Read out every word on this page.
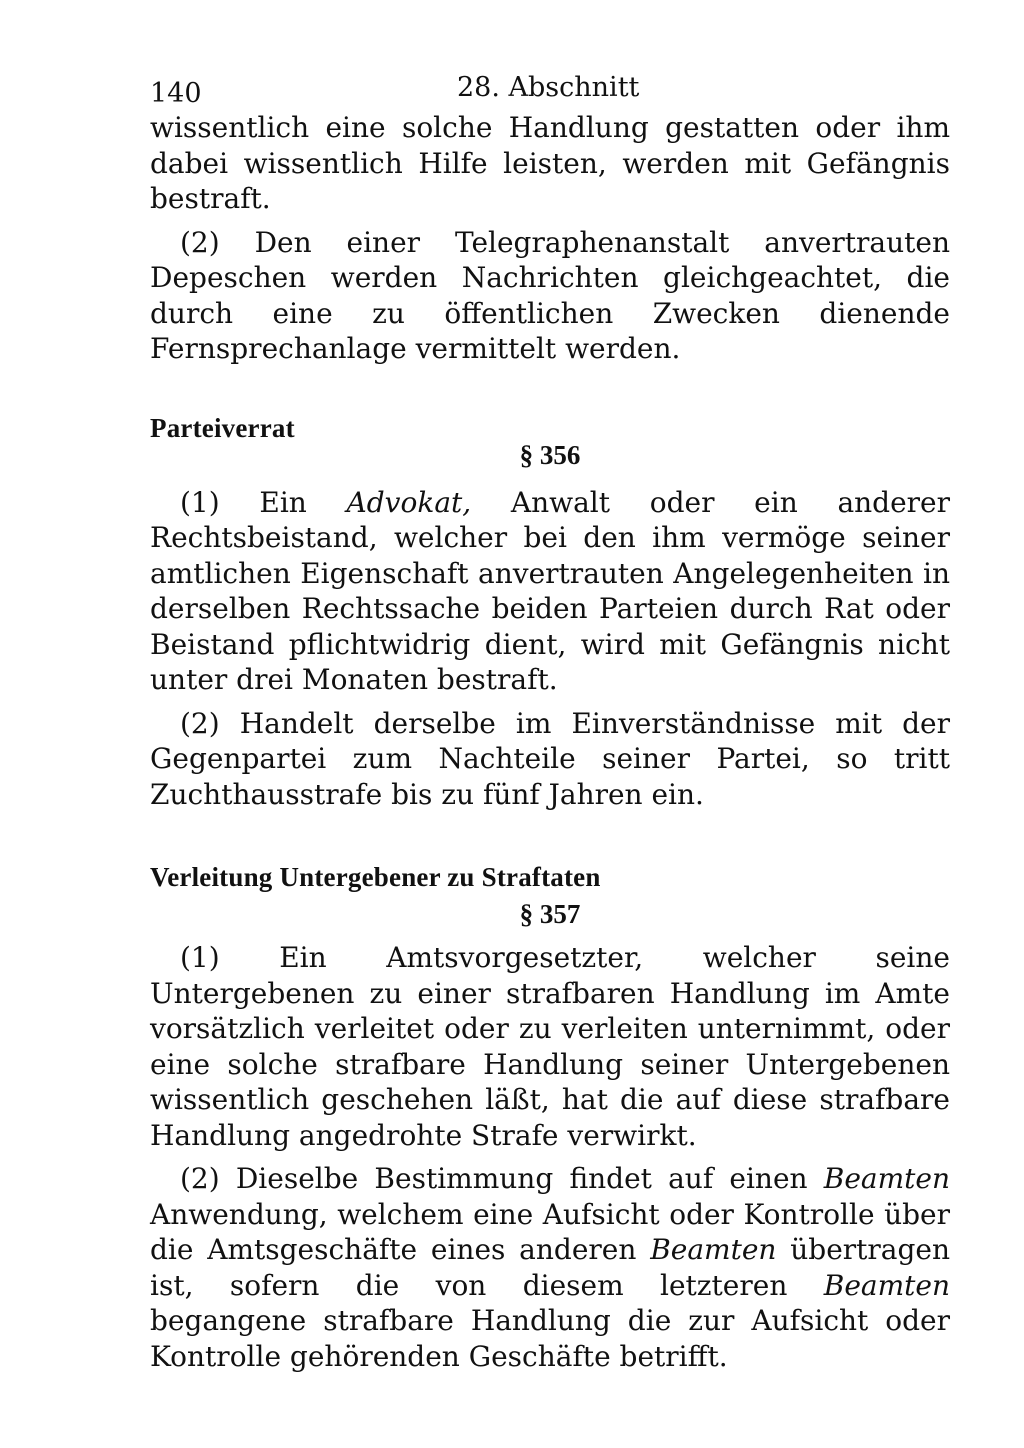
140	28. Abschnitt

wissentlich eine solche Handlung gestatten oder ihm dabei wissentlich Hilfe leisten, werden mit Gefängnis bestraft.

(2) Den einer Telegraphenanstalt anvertrauten Depeschen werden Nachrichten gleichgeachtet, die durch eine zu öffentlichen Zwecken dienende Fernsprechanlage vermittelt werden.

Parteiverrat
§ 356

(1) Ein Advokat, Anwalt oder ein anderer Rechtsbeistand, welcher bei den ihm vermöge seiner amtlichen Eigenschaft anvertrauten Angelegenheiten in derselben Rechtssache beiden Parteien durch Rat oder Beistand pflichtwidrig dient, wird mit Gefängnis nicht unter drei Monaten bestraft.

(2) Handelt derselbe im Einverständnisse mit der Gegenpartei zum Nachteile seiner Partei, so tritt Zuchthausstrafe bis zu fünf Jahren ein.

Verleitung Untergebener zu Straftaten
§ 357

(1) Ein Amtsvorgesetzter, welcher seine Untergebenen zu einer strafbaren Handlung im Amte vorsätzlich verleitet oder zu verleiten unternimmt, oder eine solche strafbare Handlung seiner Untergebenen wissentlich geschehen läßt, hat die auf diese strafbare Handlung angedrohte Strafe verwirkt.

(2) Dieselbe Bestimmung findet auf einen Beamten Anwendung, welchem eine Aufsicht oder Kontrolle über die Amtsgeschäfte eines anderen Beamten übertragen ist, sofern die von diesem letzteren Beamten begangene strafbare Handlung die zur Aufsicht oder Kontrolle gehörenden Geschäfte betrifft.
